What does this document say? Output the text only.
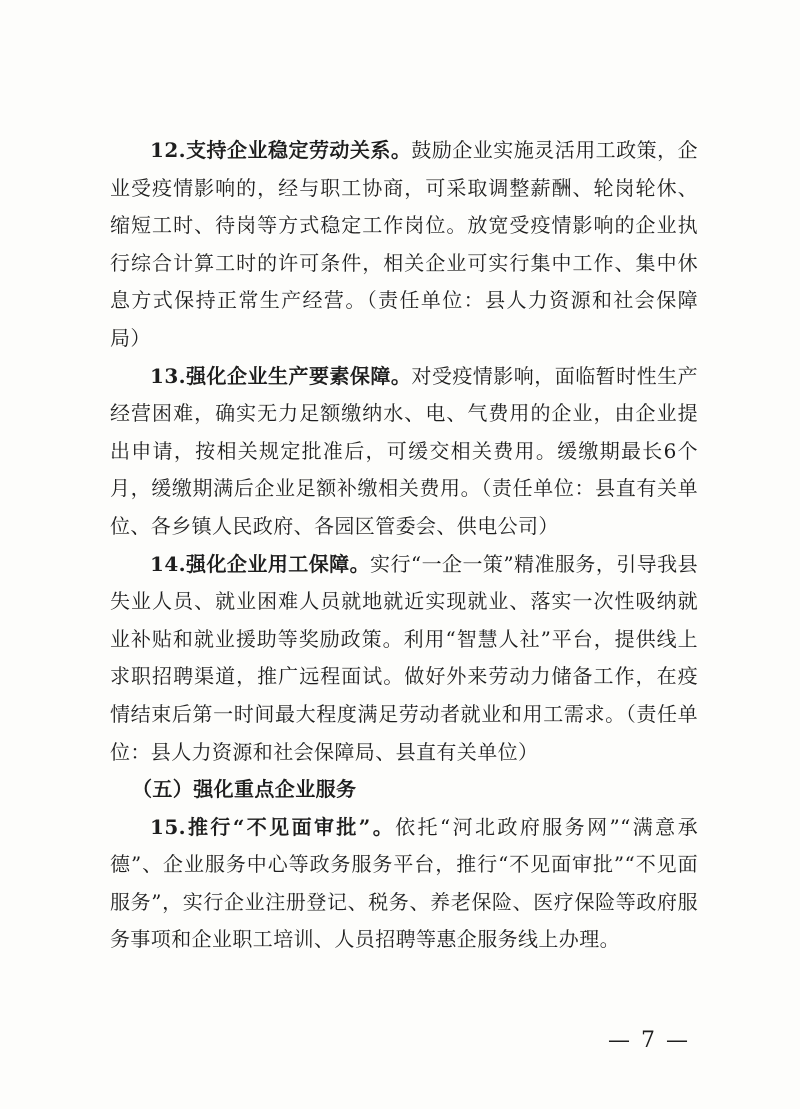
12.支持企业稳定劳动关系。鼓励企业实施灵活用工政策，企业受疫情影响的，经与职工协商，可采取调整薪酬、轮岗轮休、缩短工时、待岗等方式稳定工作岗位。放宽受疫情影响的企业执行综合计算工时的许可条件，相关企业可实行集中工作、集中休息方式保持正常生产经营。（责任单位：县人力资源和社会保障局）

13.强化企业生产要素保障。对受疫情影响，面临暂时性生产经营困难，确实无力足额缴纳水、电、气费用的企业，由企业提出申请，按相关规定批准后，可缓交相关费用。缓缴期最长6个月，缓缴期满后企业足额补缴相关费用。（责任单位：县直有关单位、各乡镇人民政府、各园区管委会、供电公司）

14.强化企业用工保障。实行“一企一策”精准服务，引导我县失业人员、就业困难人员就地就近实现就业、落实一次性吸纳就业补贴和就业援助等奖励政策。利用“智慧人社”平台，提供线上求职招聘渠道，推广远程面试。做好外来劳动力储备工作，在疫情结束后第一时间最大程度满足劳动者就业和用工需求。（责任单位：县人力资源和社会保障局、县直有关单位）

（五）强化重点企业服务

15.推行“不见面审批”。依托“河北政府服务网”“满意承德”、企业服务中心等政务服务平台，推行“不见面审批”“不见面服务”，实行企业注册登记、税务、养老保险、医疗保险等政府服务事项和企业职工培训、人员招聘等惠企服务线上办理。

— 7 —
